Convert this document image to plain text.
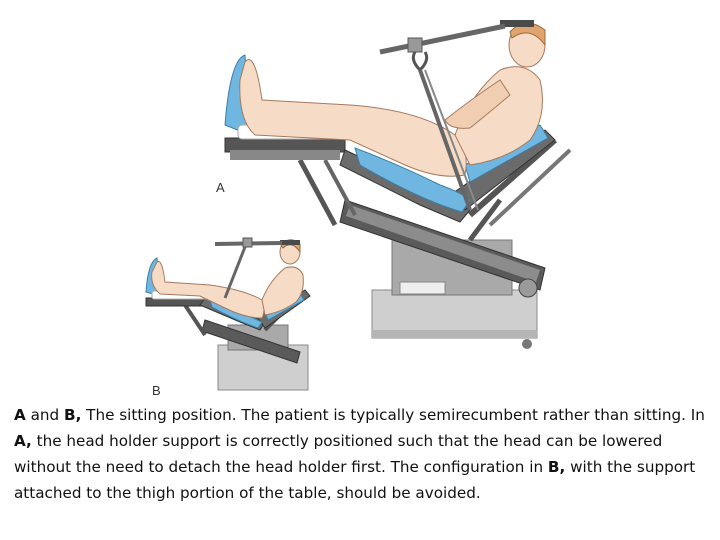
A
B
A and B, The sitting position. The patient is typically semirecumbent rather than sitting. In A, the head holder support is correctly positioned such that the head can be lowered without the need to detach the head holder first. The configuration in B, with the support attached to the thigh portion of the table, should be avoided.
